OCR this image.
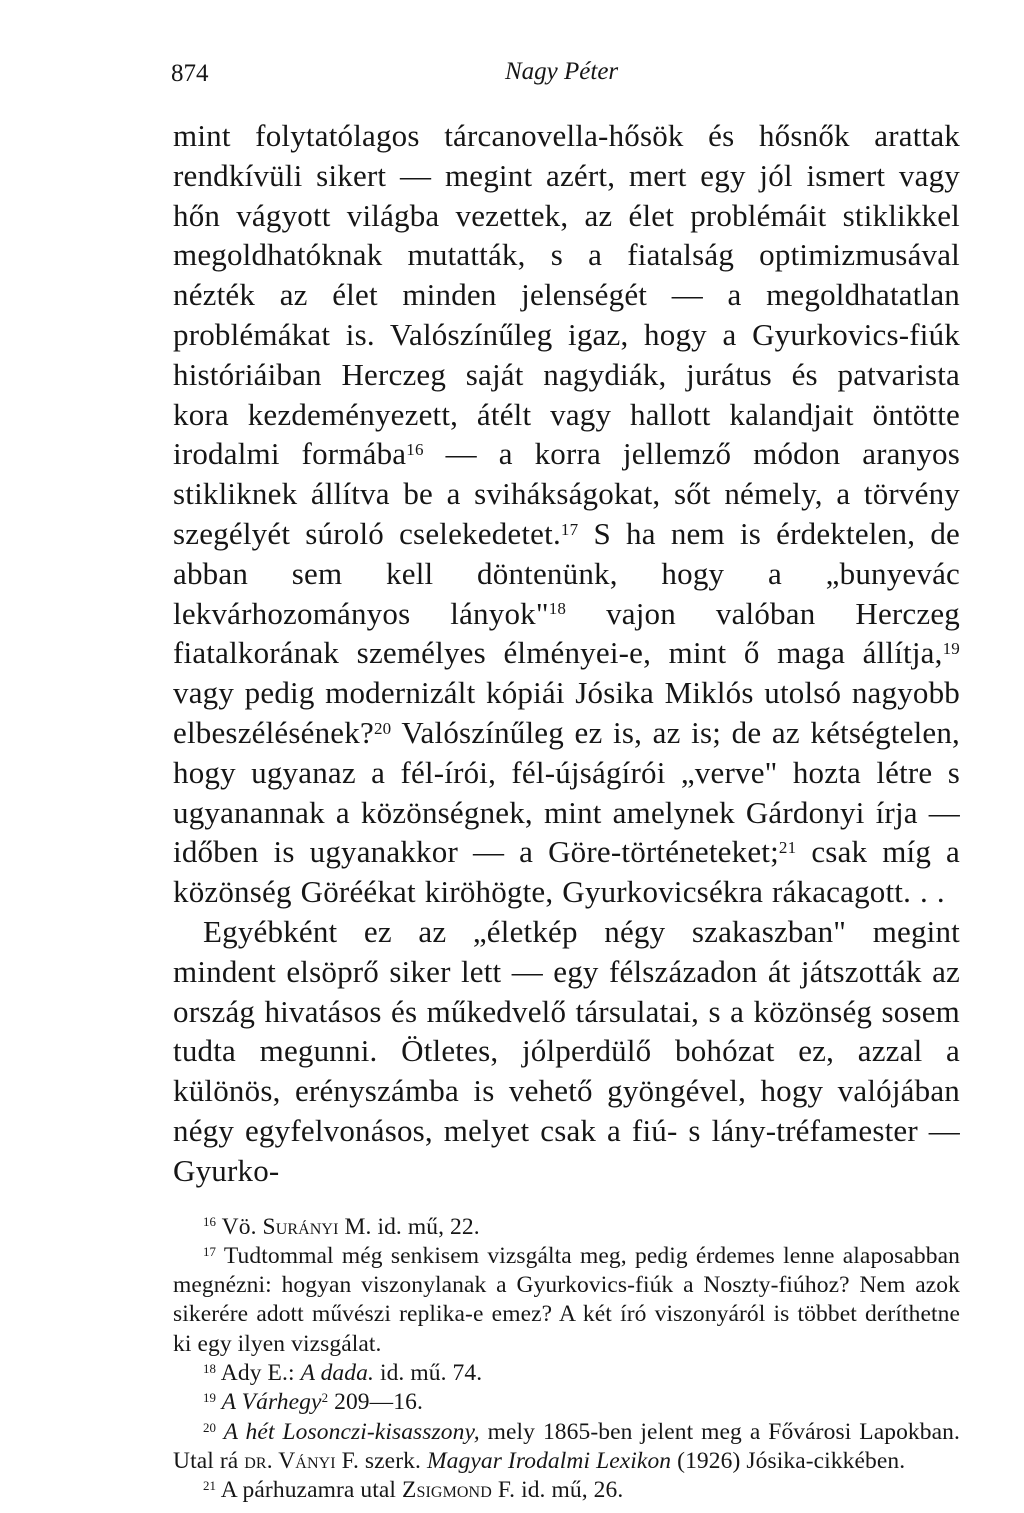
874	Nagy Péter

mint folytatólagos tárcanovella-hősök és hősnők arattak rendkívüli sikert — megint azért, mert egy jól ismert vagy hőn vágyott világba vezettek, az élet problémáit stiklikkel megoldhatóknak mutatták, s a fiatalság optimizmusával nézték az élet minden jelenségét — a megoldhatatlan problémákat is. Valószínűleg igaz, hogy a Gyurkovics-fiúk históriáiban Herczeg saját nagydiák, jurátus és patvarista kora kezdeményezett, átélt vagy hallott kalandjait öntötte irodalmi formába$^{16}$ — a korra jellemző módon aranyos stikliknek állítva be a svihákságokat, sőt némely, a törvény szegélyét súroló cselekedetet.$^{17}$ S ha nem is érdektelen, de abban sem kell döntenünk, hogy a „bunyevác lekvárhozományos lányok"$^{18}$ vajon valóban Herczeg fiatalkorának személyes élményei-e, mint ő maga állítja,$^{19}$ vagy pedig modernizált kópiái Jósika Miklós utolsó nagyobb elbeszélésének?$^{20}$ Valószínűleg ez is, az is; de az kétségtelen, hogy ugyanaz a fél-írói, fél-újságírói „verve" hozta létre s ugyanannak a közönségnek, mint amelynek Gárdonyi írja — időben is ugyanakkor — a Göre-történeteket;$^{21}$ csak míg a közönség Göréékat kiröhögte, Gyurkovicsékra rákacagott. . .

Egyébként ez az „életkép négy szakaszban" megint mindent elsöprő siker lett — egy félszázadon át játszották az ország hivatásos és műkedvelő társulatai, s a közönség sosem tudta megunni. Ötletes, jólperdülő bohózat ez, azzal a különös, erényszámba is vehető gyöngével, hogy valójában négy egyfelvonásos, melyet csak a fiú- s lány-tréfamester — Gyurko-

$^{16}$ Vö. Surányi M. id. mű, 22.

$^{17}$ Tudtommal még senkisem vizsgálta meg, pedig érdemes lenne alaposabban megnézni: hogyan viszonylanak a Gyurkovics-fiúk a Noszty-fiúhoz? Nem azok sikerére adott művészi replika-e emez? A két író viszonyáról is többet deríthetne ki egy ilyen vizsgálat.

$^{18}$ Ady E.: A dada. id. mű. 74.

$^{19}$ A Várhegy$^2$ 209—16.

$^{20}$ A hét Losonczi-kisasszony, mely 1865-ben jelent meg a Fővárosi Lapokban. Utal rá dr. Ványi F. szerk. Magyar Irodalmi Lexikon (1926) Jósika-cikkében.

$^{21}$ A párhuzamra utal Zsigmond F. id. mű, 26.
